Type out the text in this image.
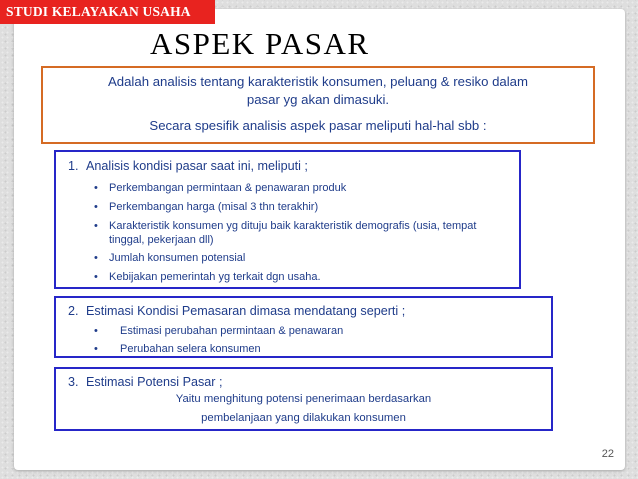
STUDI KELAYAKAN USAHA
ASPEK PASAR
Adalah analisis tentang karakteristik konsumen, peluang & resiko dalam
pasar yg akan dimasuki.
Secara spesifik analisis aspek pasar meliputi hal-hal sbb :
1. Analisis kondisi pasar saat ini, meliputi ;
• Perkembangan permintaan & penawaran produk
• Perkembangan harga (misal 3 thn terakhir)
• Karakteristik konsumen yg dituju baik karakteristik demografis (usia, tempat tinggal, pekerjaan dll)
• Jumlah konsumen potensial
• Kebijakan pemerintah yg terkait dgn usaha.
2. Estimasi Kondisi Pemasaran dimasa mendatang seperti ;
• Estimasi perubahan permintaan & penawaran
• Perubahan selera konsumen
3. Estimasi Potensi Pasar ;
Yaitu menghitung potensi penerimaan berdasarkan
pembelanjaan yang dilakukan konsumen
22
